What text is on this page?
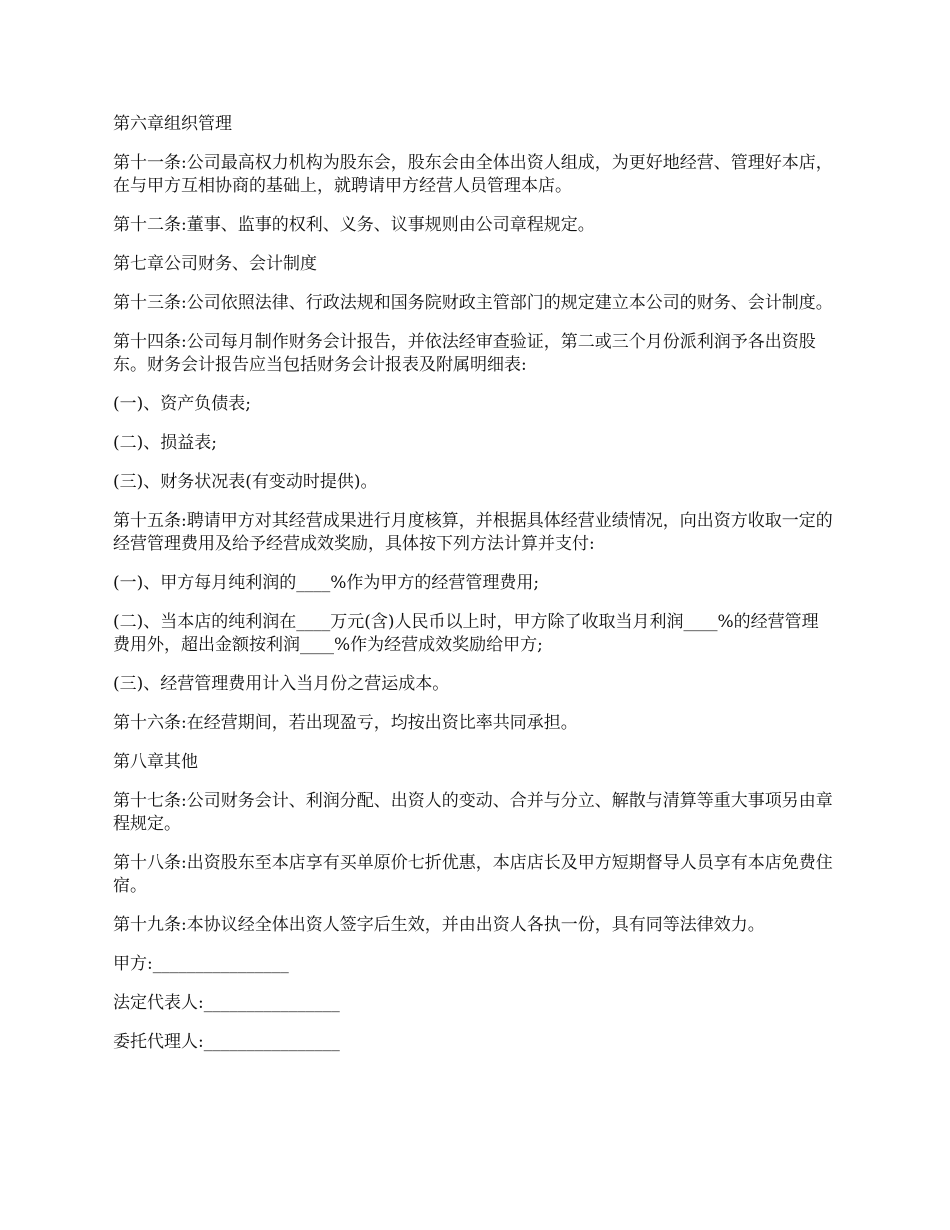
第六章组织管理

第十一条:公司最高权力机构为股东会，股东会由全体出资人组成，为更好地经营、管理好本店，在与甲方互相协商的基础上，就聘请甲方经营人员管理本店。

第十二条:董事、监事的权利、义务、议事规则由公司章程规定。

第七章公司财务、会计制度

第十三条:公司依照法律、行政法规和国务院财政主管部门的规定建立本公司的财务、会计制度。

第十四条:公司每月制作财务会计报告，并依法经审查验证，第二或三个月份派利润予各出资股东。财务会计报告应当包括财务会计报表及附属明细表:

(一)、资产负债表;

(二)、损益表;

(三)、财务状况表(有变动时提供)。

第十五条:聘请甲方对其经营成果进行月度核算，并根据具体经营业绩情况，向出资方收取一定的经营管理费用及给予经营成效奖励，具体按下列方法计算并支付:

(一)、甲方每月纯利润的____%作为甲方的经营管理费用;

(二)、当本店的纯利润在____万元(含)人民币以上时，甲方除了收取当月利润____%的经营管理费用外，超出金额按利润____%作为经营成效奖励给甲方;

(三)、经营管理费用计入当月份之营运成本。

第十六条:在经营期间，若出现盈亏，均按出资比率共同承担。

第八章其他

第十七条:公司财务会计、利润分配、出资人的变动、合并与分立、解散与清算等重大事项另由章程规定。

第十八条:出资股东至本店享有买单原价七折优惠，本店店长及甲方短期督导人员享有本店免费住宿。

第十九条:本协议经全体出资人签字后生效，并由出资人各执一份，具有同等法律效力。

甲方:________________

法定代表人:________________

委托代理人:________________
